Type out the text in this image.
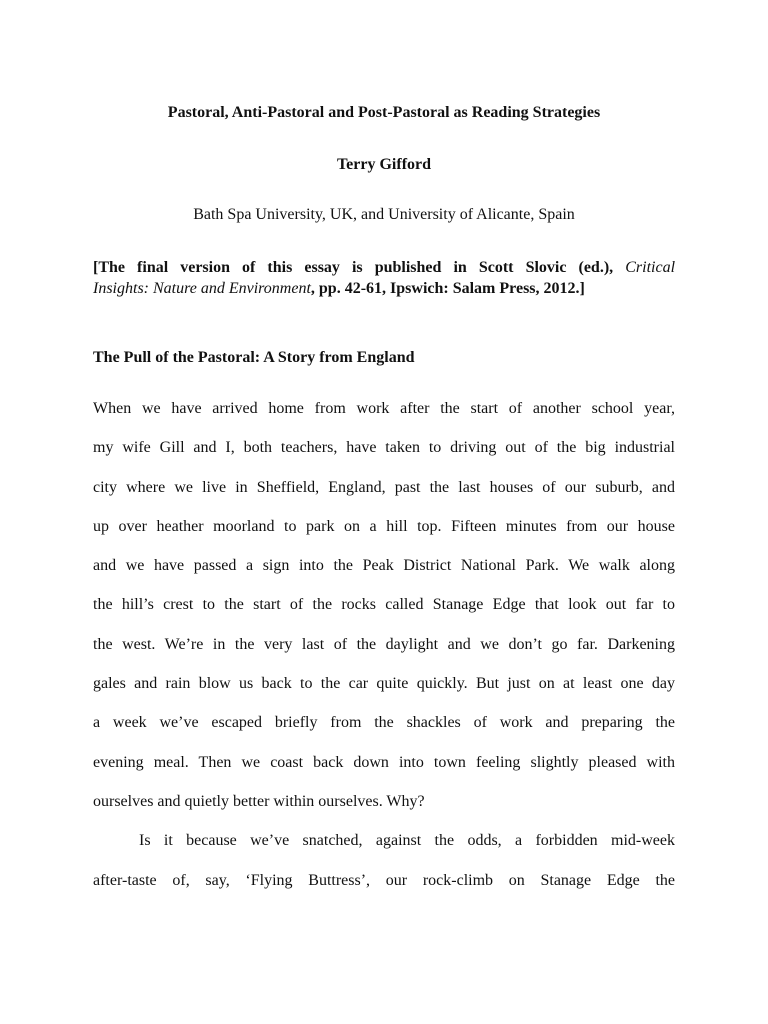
Pastoral, Anti-Pastoral and Post-Pastoral as Reading Strategies
Terry Gifford
Bath Spa University, UK, and University of Alicante, Spain
[The final version of this essay is published in Scott Slovic (ed.), Critical
Insights: Nature and Environment, pp. 42-61, Ipswich: Salam Press, 2012.]
The Pull of the Pastoral: A Story from England
When we have arrived home from work after the start of another school year,
my wife Gill and I, both teachers, have taken to driving out of the big industrial
city where we live in Sheffield, England, past the last houses of our suburb, and
up over heather moorland to park on a hill top. Fifteen minutes from our house
and we have passed a sign into the Peak District National Park. We walk along
the hill’s crest to the start of the rocks called Stanage Edge that look out far to
the west. We’re in the very last of the daylight and we don’t go far. Darkening
gales and rain blow us back to the car quite quickly. But just on at least one day
a week we’ve escaped briefly from the shackles of work and preparing the
evening meal. Then we coast back down into town feeling slightly pleased with
ourselves and quietly better within ourselves. Why?
Is it because we’ve snatched, against the odds, a forbidden mid-week
after-taste of, say, ‘Flying Buttress’, our rock-climb on Stanage Edge the
